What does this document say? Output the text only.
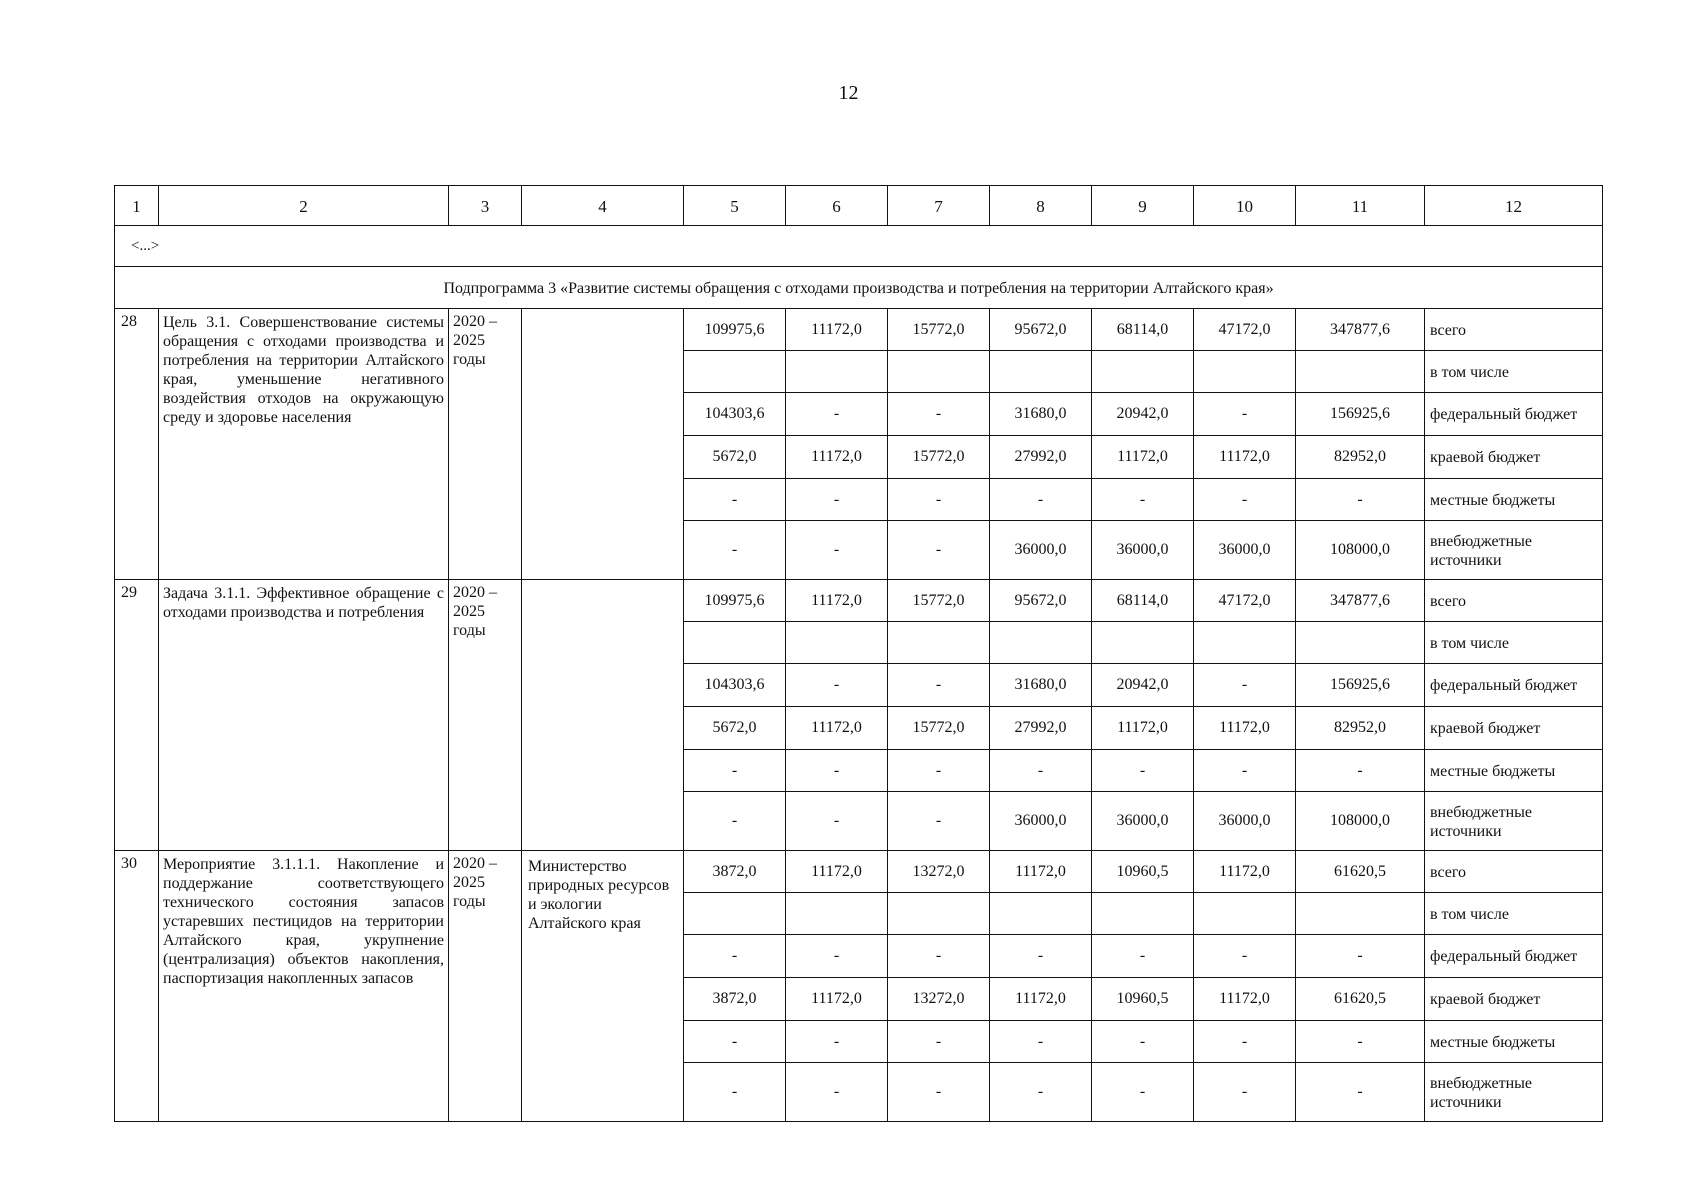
12
1	2	3	4	5	6	7	8	9	10	11	12
<...>											
Подпрограмма 3 «Развитие системы обращения с отходами производства и потребления на территории Алтайского края»											
28	Цель 3.1. Совершенствование системы обращения с отходами производства и потребления на территории Алтайского края, уменьшение негативного воздействия отходов на окружающую среду и здоровье населения	2020 – 2025 годы		109975,6	11172,0	15772,0	95672,0	68114,0	47172,0	347877,6	всего
											в том числе
				104303,6	-	-	31680,0	20942,0	-	156925,6	федеральный бюджет
				5672,0	11172,0	15772,0	27992,0	11172,0	11172,0	82952,0	краевой бюджет
				-	-	-	-	-	-	-	местные бюджеты
				-	-	-	36000,0	36000,0	36000,0	108000,0	внебюджетные источники
29	Задача 3.1.1. Эффективное обращение с отходами производства и потребления	2020 – 2025 годы		109975,6	11172,0	15772,0	95672,0	68114,0	47172,0	347877,6	всего
											в том числе
				104303,6	-	-	31680,0	20942,0	-	156925,6	федеральный бюджет
				5672,0	11172,0	15772,0	27992,0	11172,0	11172,0	82952,0	краевой бюджет
				-	-	-	-	-	-	-	местные бюджеты
				-	-	-	36000,0	36000,0	36000,0	108000,0	внебюджетные источники
30	Мероприятие 3.1.1.1. Накопление и поддержание соответствующего технического состояния запасов устаревших пестицидов на территории Алтайского края, укрупнение (централизация) объектов накопления, паспортизация накопленных запасов	2020 – 2025 годы	Министерство природных ресурсов и экологии Алтайского края	3872,0	11172,0	13272,0	11172,0	10960,5	11172,0	61620,5	всего
											в том числе
				-	-	-	-	-	-	-	федеральный бюджет
				3872,0	11172,0	13272,0	11172,0	10960,5	11172,0	61620,5	краевой бюджет
				-	-	-	-	-	-	-	местные бюджеты
				-	-	-	-	-	-	-	внебюджетные источники
